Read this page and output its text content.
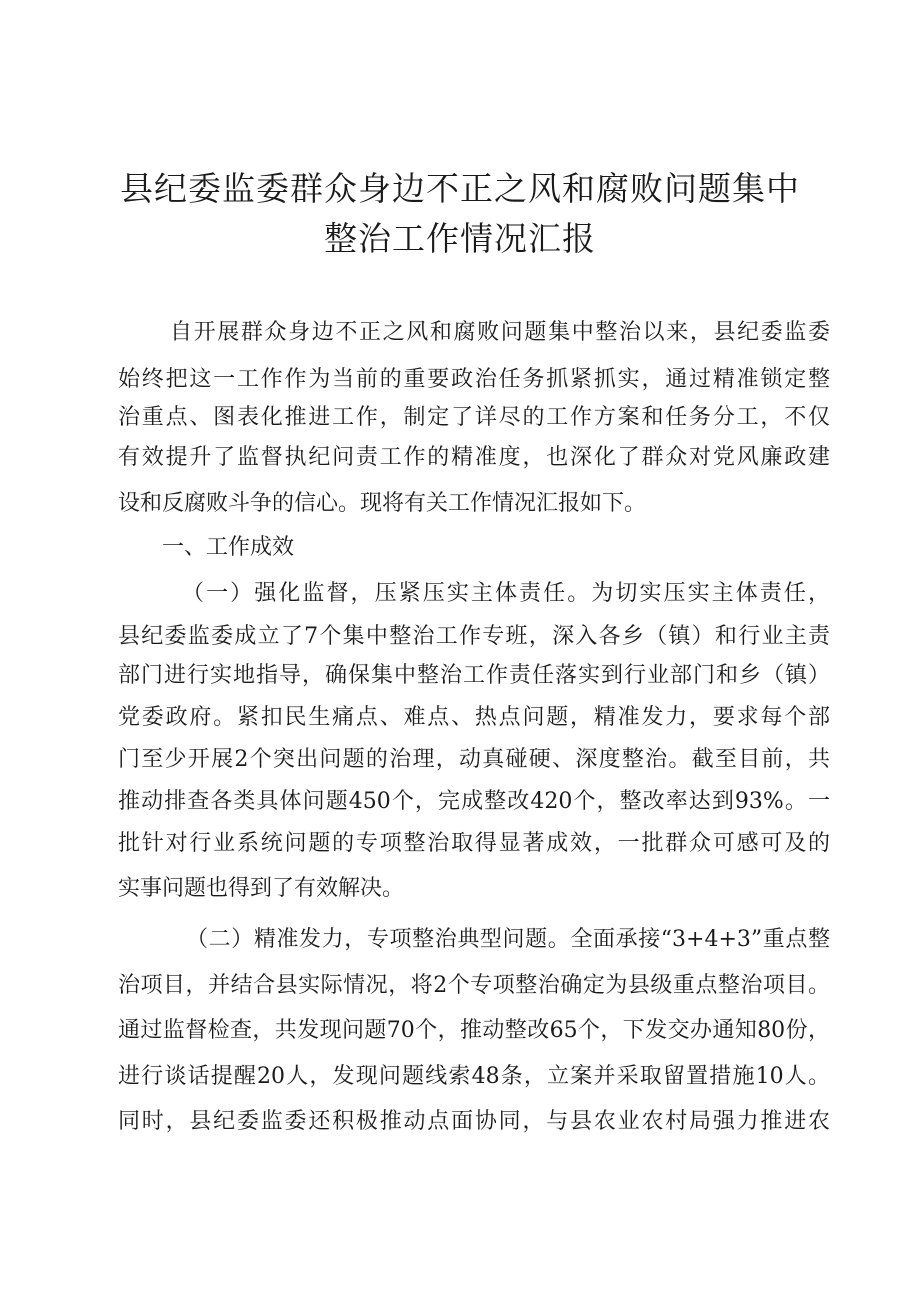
县纪委监委群众身边不正之风和腐败问题集中
整治工作情况汇报
自开展群众身边不正之风和腐败问题集中整治以来，县纪委监委
始终把这一工作作为当前的重要政治任务抓紧抓实，通过精准锁定整
治重点、图表化推进工作，制定了详尽的工作方案和任务分工，不仅
有效提升了监督执纪问责工作的精准度，也深化了群众对党风廉政建
设和反腐败斗争的信心。现将有关工作情况汇报如下。
一、工作成效
（一）强化监督，压紧压实主体责任。为切实压实主体责任，
县纪委监委成立了7个集中整治工作专班，深入各乡（镇）和行业主责
部门进行实地指导，确保集中整治工作责任落实到行业部门和乡（镇）
党委政府。紧扣民生痛点、难点、热点问题，精准发力，要求每个部
门至少开展2个突出问题的治理，动真碰硬、深度整治。截至目前，共
推动排查各类具体问题450个，完成整改420个，整改率达到93%。一
批针对行业系统问题的专项整治取得显著成效，一批群众可感可及的
实事问题也得到了有效解决。
（二）精准发力，专项整治典型问题。全面承接“3+4+3”重点整
治项目，并结合县实际情况，将2个专项整治确定为县级重点整治项目。
通过监督检查，共发现问题70个，推动整改65个，下发交办通知80份，
进行谈话提醒20人，发现问题线索48条，立案并采取留置措施10人。
同时，县纪委监委还积极推动点面协同，与县农业农村局强力推进农
